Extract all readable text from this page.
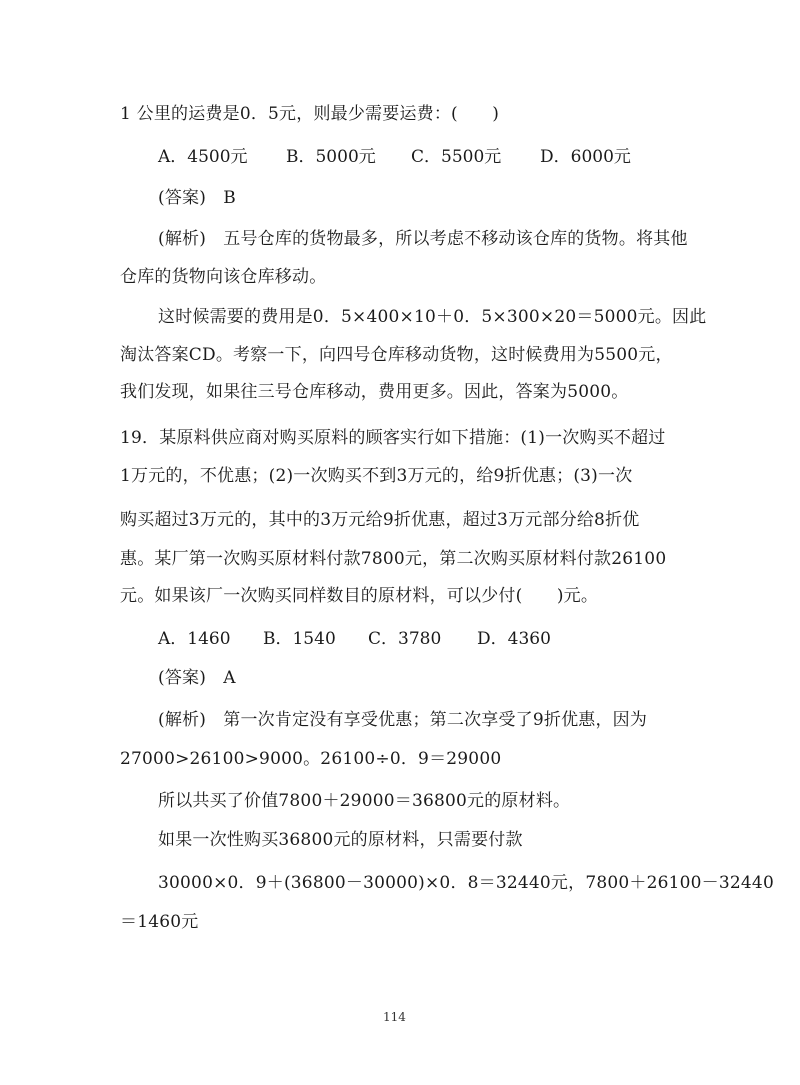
1 公里的运费是0．5元，则最少需要运费：(　　)
A．4500元 B．5000元 C．5500元 D．6000元
(答案)　B
(解析)　五号仓库的货物最多，所以考虑不移动该仓库的货物。将其他
仓库的货物向该仓库移动。
这时候需要的费用是0．5×400×10＋0．5×300×20＝5000元。因此
淘汰答案CD。考察一下，向四号仓库移动货物，这时候费用为5500元，
我们发现，如果往三号仓库移动，费用更多。因此，答案为5000。
19．某原料供应商对购买原料的顾客实行如下措施：(1)一次购买不超过
1万元的，不优惠；(2)一次购买不到3万元的，给9折优惠；(3)一次
购买超过3万元的，其中的3万元给9折优惠，超过3万元部分给8折优
惠。某厂第一次购买原材料付款7800元，第二次购买原材料付款26100
元。如果该厂一次购买同样数目的原材料，可以少付(　　)元。
A．1460 B．1540 C．3780 D．4360
(答案)　A
(解析)　第一次肯定没有享受优惠；第二次享受了9折优惠，因为
27000>26100>9000。26100÷0．9＝29000
所以共买了价值7800＋29000＝36800元的原材料。
如果一次性购买36800元的原材料，只需要付款
30000×0．9＋(36800－30000)×0．8＝32440元，7800＋26100－32440
＝1460元
114
